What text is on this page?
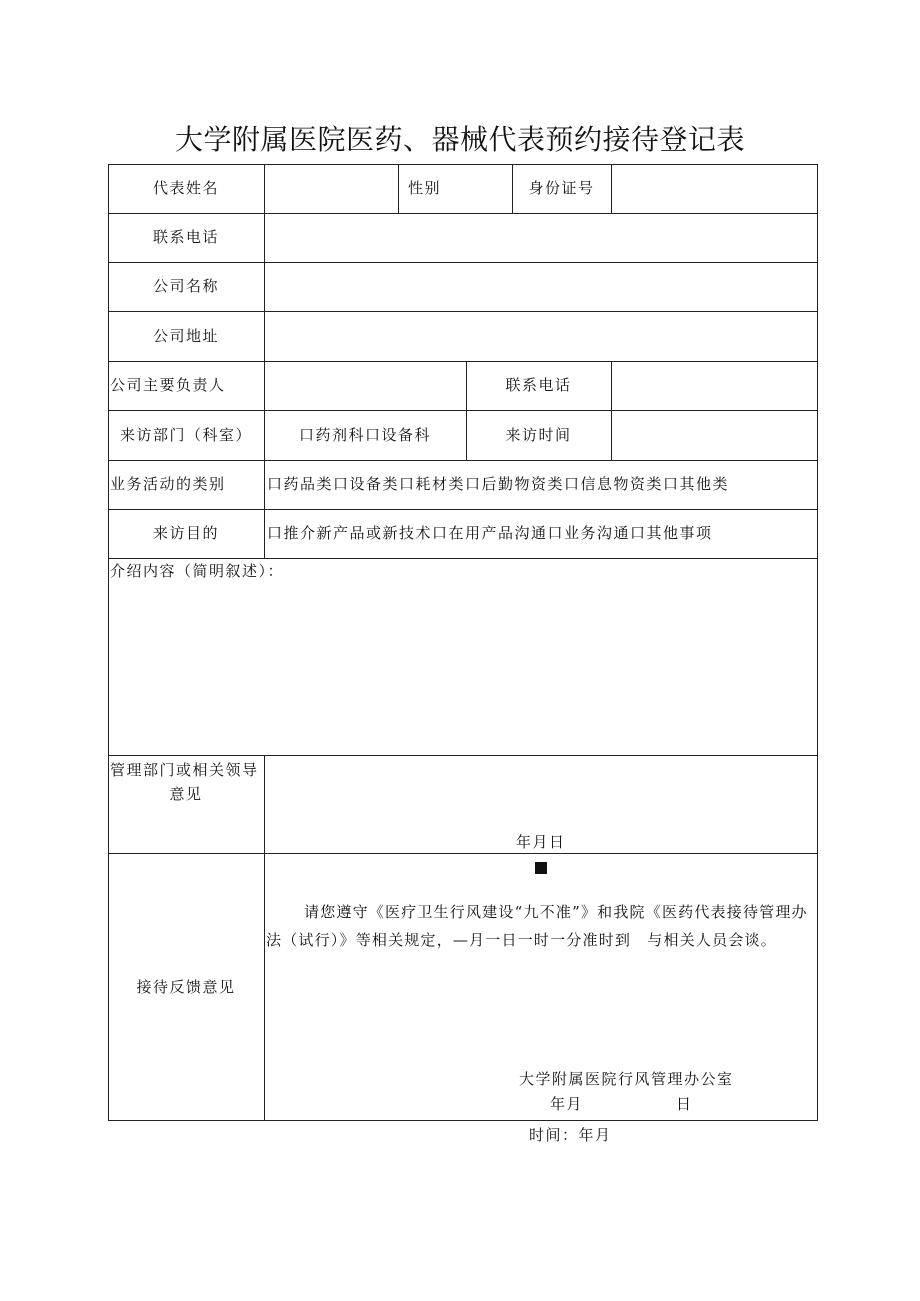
大学附属医院医药、器械代表预约接待登记表
代表姓名	性别	身份证号
联系电话
公司名称
公司地址
公司主要负责人	联系电话
来访部门（科室）	口药剂科口设备科	来访时间
业务活动的类别	口药品类口设备类口耗材类口后勤物资类口信息物资类口其他类
来访目的	口推介新产品或新技术口在用产品沟通口业务沟通口其他事项
介绍内容（简明叙述）：
管理部门或相关领导
意见
年月日
接待反馈意见
请您遵守《医疗卫生行风建设“九不准”》和我院《医药代表接待管理办法（试行）》等相关规定，—月一日一时一分准时到　与相关人员会谈。
大学附属医院行风管理办公室
年月	日
时间：年月
